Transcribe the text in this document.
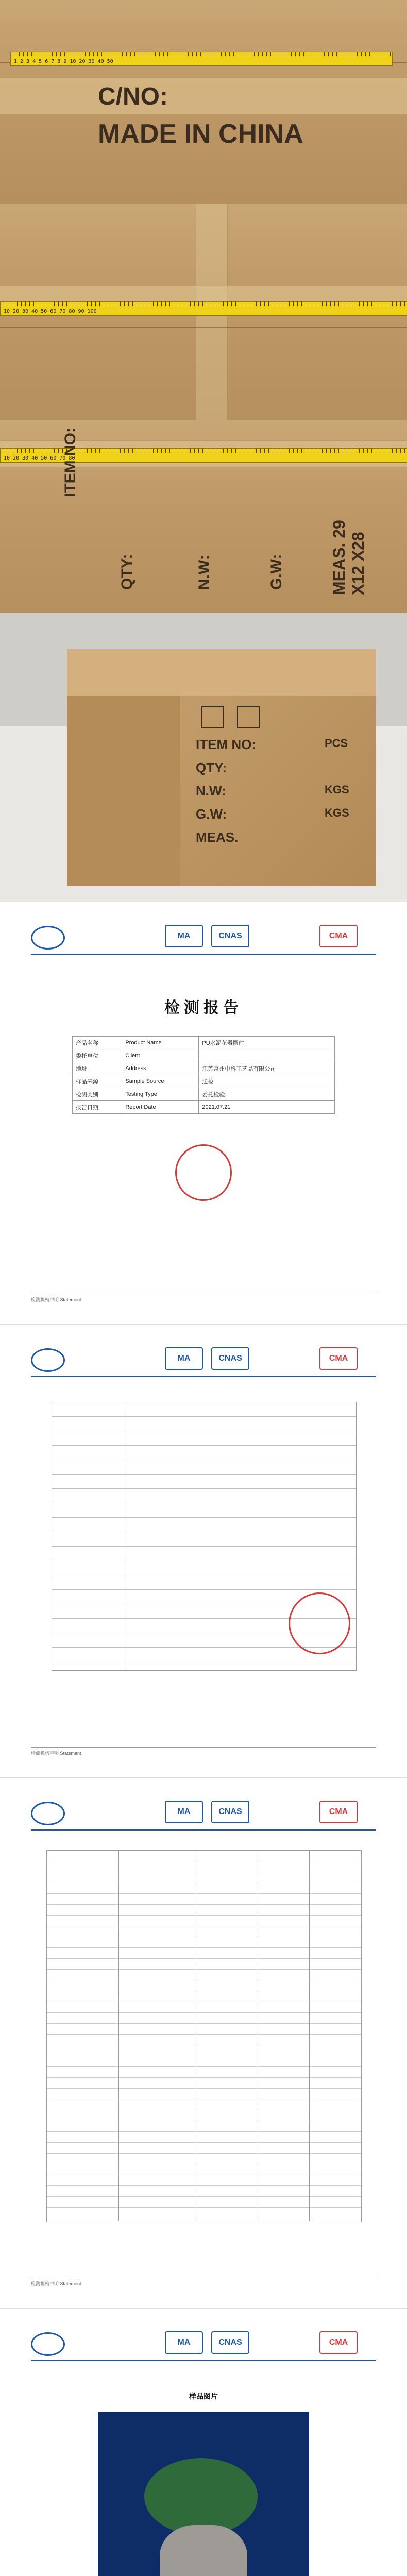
C/NO:
MADE IN CHINA
1 2 3 4 5 6 7 8 9 10 20 30 40 50
10 20 30 40 50 60 70 80 90 100
10 20 30 40 50 60 70 80
ITEM NO:
MEAS. 29 X12 X28
QTY:	N.W:	G.W:
ITEM NO:
QTY:
N.W:
G.W:
MEAS.
PCS
KGS
KGS
MA	CNAS	CMA
检测报告
产品名称	Product Name	PU水泥花器摆件
委托单位	Client	
地址	Address	江苏常州中科工艺品有限公司
样品来源	Sample Source	送检
检测类别	Testing Type	委托检验
报告日期	Report Date	2021.07.21
检测机构声明 Statement
MA	CNAS	CMA
检测机构声明 Statement
MA	CNAS	CMA
检测机构声明 Statement
MA	CNAS	CMA
样品图片
